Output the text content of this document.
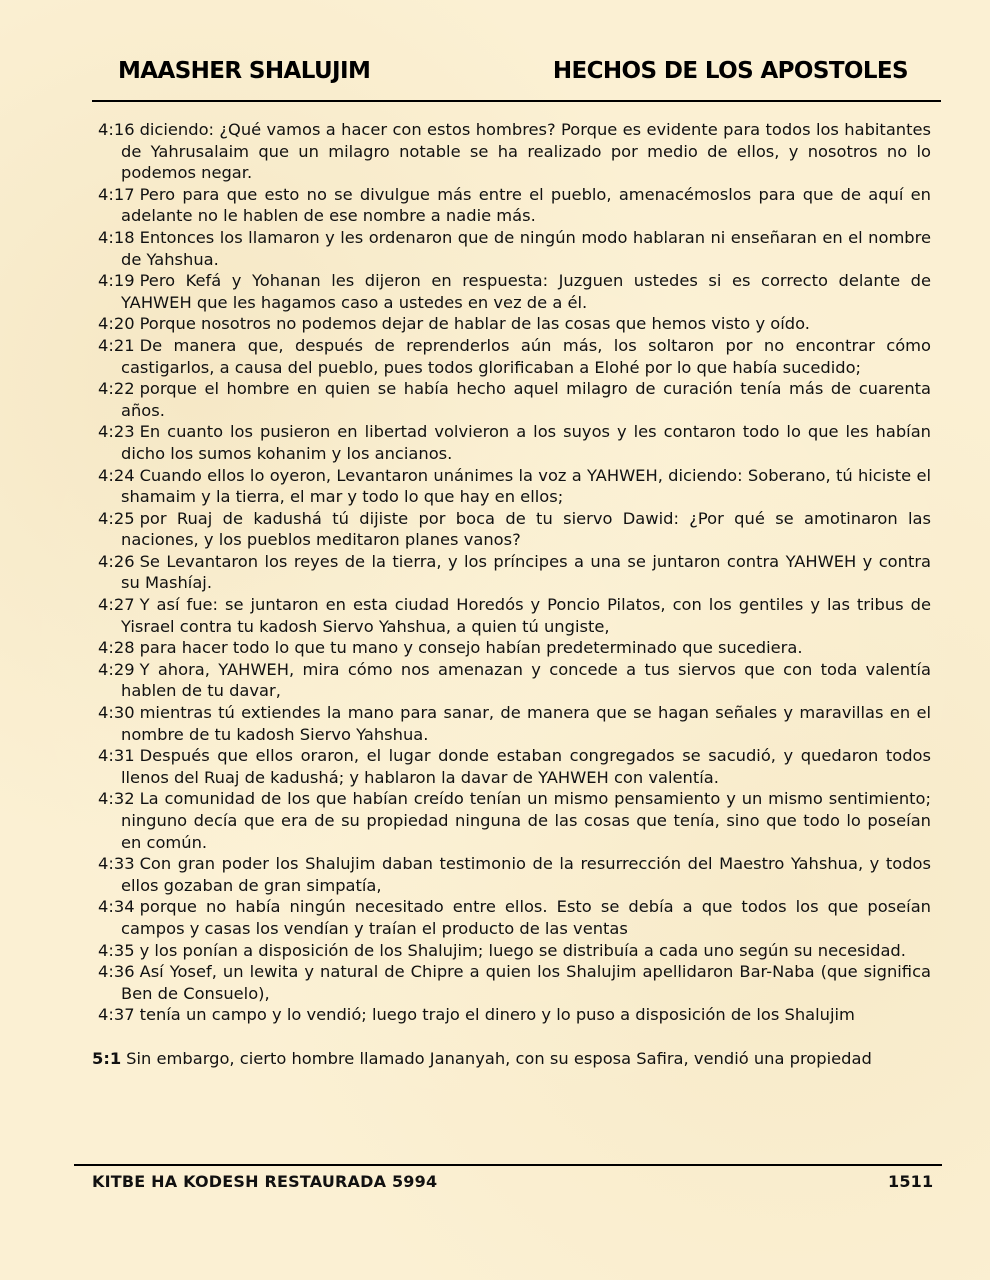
MAASHER SHALUJIM	HECHOS DE LOS APOSTOLES

4:16 diciendo: ¿Qué vamos a hacer con estos hombres? Porque es evidente para todos los habitantes de Yahrusalaim que un milagro notable se ha realizado por medio de ellos, y nosotros no lo podemos negar.

4:17 Pero para que esto no se divulgue más entre el pueblo, amenacémoslos para que de aquí en adelante no le hablen de ese nombre a nadie más.

4:18 Entonces los llamaron y les ordenaron que de ningún modo hablaran ni enseñaran en el nombre de Yahshua.

4:19 Pero Kefá y Yohanan les dijeron en respuesta: Juzguen ustedes si es correcto delante de YAHWEH que les hagamos caso a ustedes en vez de a él.

4:20 Porque nosotros no podemos dejar de hablar de las cosas que hemos visto y oído.

4:21 De manera que, después de reprenderlos aún más, los soltaron por no encontrar cómo castigarlos, a causa del pueblo, pues todos glorificaban a Elohé por lo que había sucedido;

4:22 porque el hombre en quien se había hecho aquel milagro de curación tenía más de cuarenta años.

4:23 En cuanto los pusieron en libertad volvieron a los suyos y les contaron todo lo que les habían dicho los sumos kohanim y los ancianos.

4:24 Cuando ellos lo oyeron, Levantaron unánimes la voz a YAHWEH, diciendo: Soberano, tú hiciste el shamaim y la tierra, el mar y todo lo que hay en ellos;

4:25 por Ruaj de kadushá tú dijiste por boca de tu siervo Dawid: ¿Por qué se amotinaron las naciones, y los pueblos meditaron planes vanos?

4:26 Se Levantaron los reyes de la tierra, y los príncipes a una se juntaron contra YAHWEH y contra su Mashíaj.

4:27 Y así fue: se juntaron en esta ciudad Horedós y Poncio Pilatos, con los gentiles y las tribus de Yisrael contra tu kadosh Siervo Yahshua, a quien tú ungiste,

4:28 para hacer todo lo que tu mano y consejo habían predeterminado que sucediera.

4:29 Y ahora, YAHWEH, mira cómo nos amenazan y concede a tus siervos que con toda valentía hablen de tu davar,

4:30 mientras tú extiendes la mano para sanar, de manera que se hagan señales y maravillas en el nombre de tu kadosh Siervo Yahshua.

4:31 Después que ellos oraron, el lugar donde estaban congregados se sacudió, y quedaron todos llenos del Ruaj de kadushá; y hablaron la davar de YAHWEH con valentía.

4:32 La comunidad de los que habían creído tenían un mismo pensamiento y un mismo sentimiento; ninguno decía que era de su propiedad ninguna de las cosas que tenía, sino que todo lo poseían en común.

4:33 Con gran poder los Shalujim daban testimonio de la resurrección del Maestro Yahshua, y todos ellos gozaban de gran simpatía,

4:34 porque no había ningún necesitado entre ellos. Esto se debía a que todos los que poseían campos y casas los vendían y traían el producto de las ventas

4:35 y los ponían a disposición de los Shalujim; luego se distribuía a cada uno según su necesidad.

4:36 Así Yosef, un lewita y natural de Chipre a quien los Shalujim apellidaron Bar-Naba (que significa Ben de Consuelo),

4:37 tenía un campo y lo vendió; luego trajo el dinero y lo puso a disposición de los Shalujim

5:1 Sin embargo, cierto hombre llamado Jananyah, con su esposa Safira, vendió una propiedad

KITBE HA KODESH RESTAURADA 5994	1511
